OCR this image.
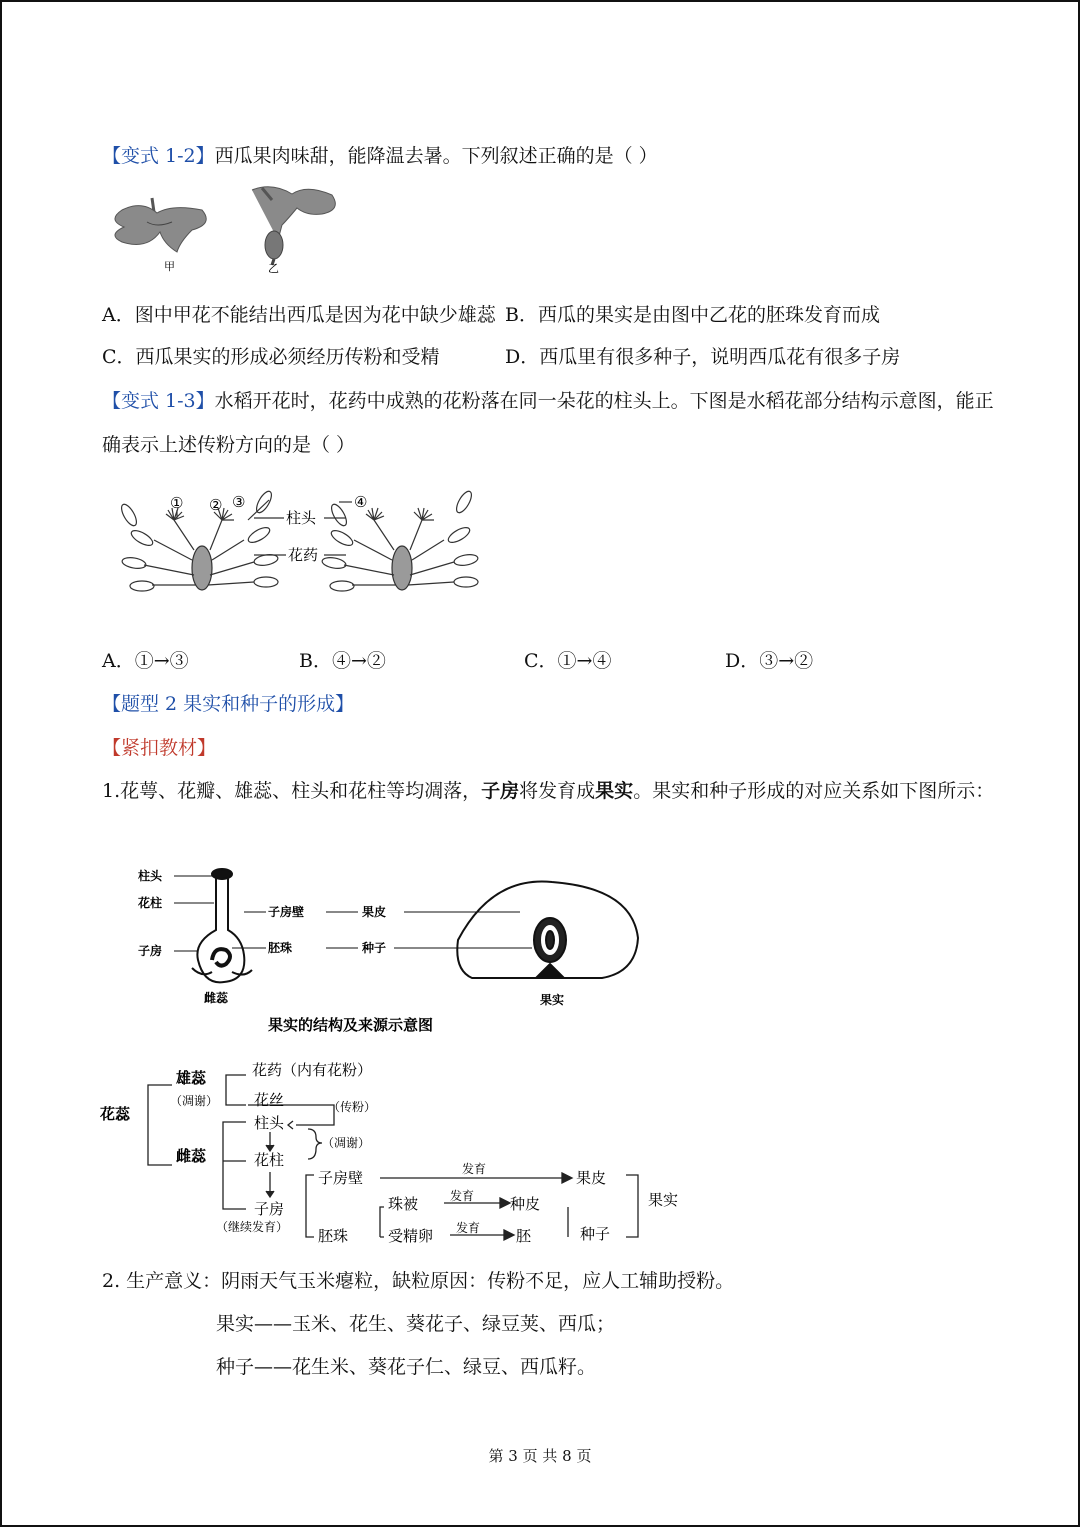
【变式 1-2】西瓜果肉味甜，能降温去暑。下列叙述正确的是（ ）
甲	乙
A．图中甲花不能结出西瓜是因为花中缺少雄蕊 B．西瓜的果实是由图中乙花的胚珠发育而成
C．西瓜果实的形成必须经历传粉和受精	D．西瓜里有很多种子，说明西瓜花有很多子房
【变式 1-3】水稻开花时，花药中成熟的花粉落在同一朵花的柱头上。下图是水稻花部分结构示意图，能正
确表示上述传粉方向的是（ ）
① ② ③	④
柱头
花药
A．①→③	B．④→②	C．①→④	D．③→②
【题型 2 果实和种子的形成】
【紧扣教材】
1.花萼、花瓣、雄蕊、柱头和花柱等均凋落，子房将发育成果实。果实和种子形成的对应关系如下图所示：
柱头
花柱
子房
雌蕊
子房壁
胚珠
果皮
种子
果实
果实的结构及来源示意图
花蕊
雄蕊
（凋谢）
雌蕊
花药（内有花粉）
花丝	（传粉）
柱头
（凋谢）
花柱
子房
（继续发育）
子房壁	发育	果皮
胚珠
珠被	发育 种皮
受精卵 发育 胚	种子
果实
2. 生产意义：阴雨天气玉米瘪粒，缺粒原因：传粉不足，应人工辅助授粉。
果实——玉米、花生、葵花子、绿豆荚、西瓜；
种子——花生米、葵花子仁、绿豆、西瓜籽。
第 3 页 共 8 页
